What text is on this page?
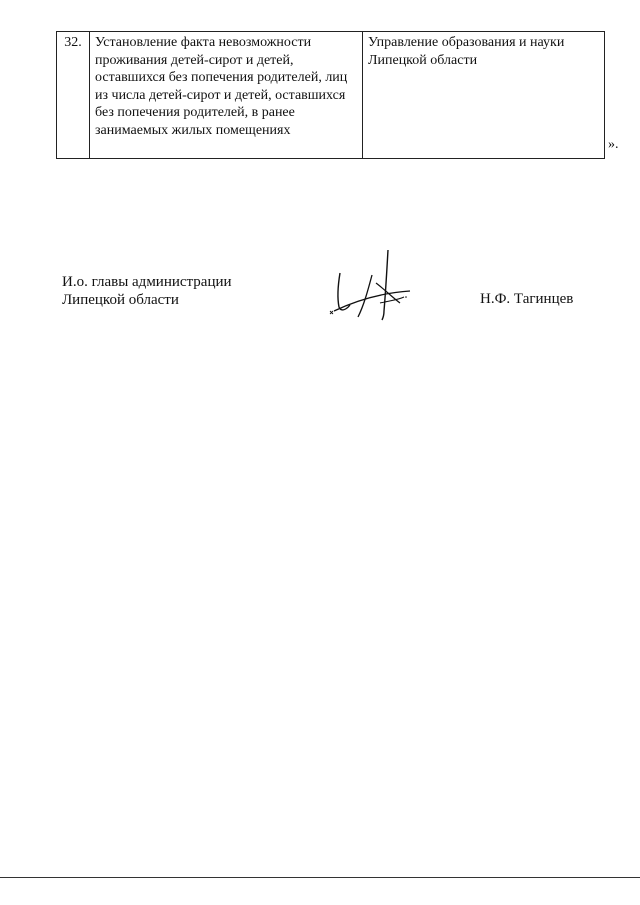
32.	Установление факта невозможности проживания детей-сирот и детей, оставшихся без попечения родителей, лиц из числа детей-сирот и детей, оставшихся без попечения родителей, в ранее занимаемых жилых помещениях	Управление образования и науки Липецкой области
».
И.о. главы администрации
Липецкой области	Н.Ф. Тагинцев
